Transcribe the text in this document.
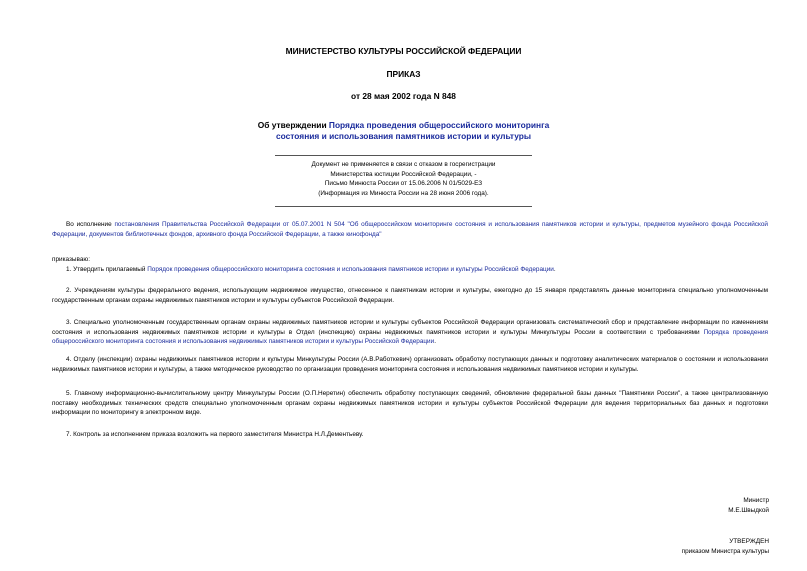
МИНИСТЕРСТВО КУЛЬТУРЫ РОССИЙСКОЙ ФЕДЕРАЦИИ
ПРИКАЗ
от 28 мая 2002 года N 848
Об утверждении Порядка проведения общероссийского мониторинга
состояния и использования памятников истории и культуры
Документ не применяется в связи с отказом в госрегистрации
Министерства юстиции Российской Федерации, -
Письмо Минюста России от 15.06.2006 N 01/5029-ЕЗ
(Информация из Минюста России на 28 июня 2006 года).
Во исполнение постановления Правительства Российской Федерации от 05.07.2001 N 504 "Об общероссийском мониторинге состояния и использования памятников истории и культуры, предметов музейного фонда Российской Федерации, документов библиотечных фондов, архивного фонда Российской Федерации, а также кинофонда"
приказываю:
1. Утвердить прилагаемый Порядок проведения общероссийского мониторинга состояния и использования памятников истории и культуры Российской Федерации.
2. Учреждениям культуры федерального ведения, использующим недвижимое имущество, отнесенное к памятникам истории и культуры, ежегодно до 15 января представлять данные мониторинга специально уполномоченным государственным органам охраны недвижимых памятников истории и культуры субъектов Российской Федерации.
3. Специально уполномоченным государственным органам охраны недвижимых памятников истории и культуры субъектов Российской Федерации организовать систематический сбор и представление информации по изменениям состояния и использования недвижимых памятников истории и культуры в Отдел (инспекцию) охраны недвижимых памятников истории и культуры Минкультуры России в соответствии с требованиями Порядка проведения общероссийского мониторинга состояния и использования недвижимых памятников истории и культуры Российской Федерации.
4. Отделу (инспекции) охраны недвижимых памятников истории и культуры Минкультуры России (А.В.Работкевич) организовать обработку поступающих данных и подготовку аналитических материалов о состоянии и использовании недвижимых памятников истории и культуры, а также методическое руководство по организации проведения мониторинга состояния и использования недвижимых памятников истории и культуры.
5. Главному информационно-вычислительному центру Минкультуры России (О.П.Неретин) обеспечить обработку поступающих сведений, обновление федеральной базы данных "Памятники России", а также централизованную поставку необходимых технических средств специально уполномоченным органам охраны недвижимых памятников истории и культуры субъектов Российской Федерации для ведения территориальных баз данных и подготовки информации по мониторингу в электронном виде.
7. Контроль за исполнением приказа возложить на первого заместителя Министра Н.Л.Дементьеву.
Министр
М.Е.Швыдкой
УТВЕРЖДЕН
приказом Министра культуры
